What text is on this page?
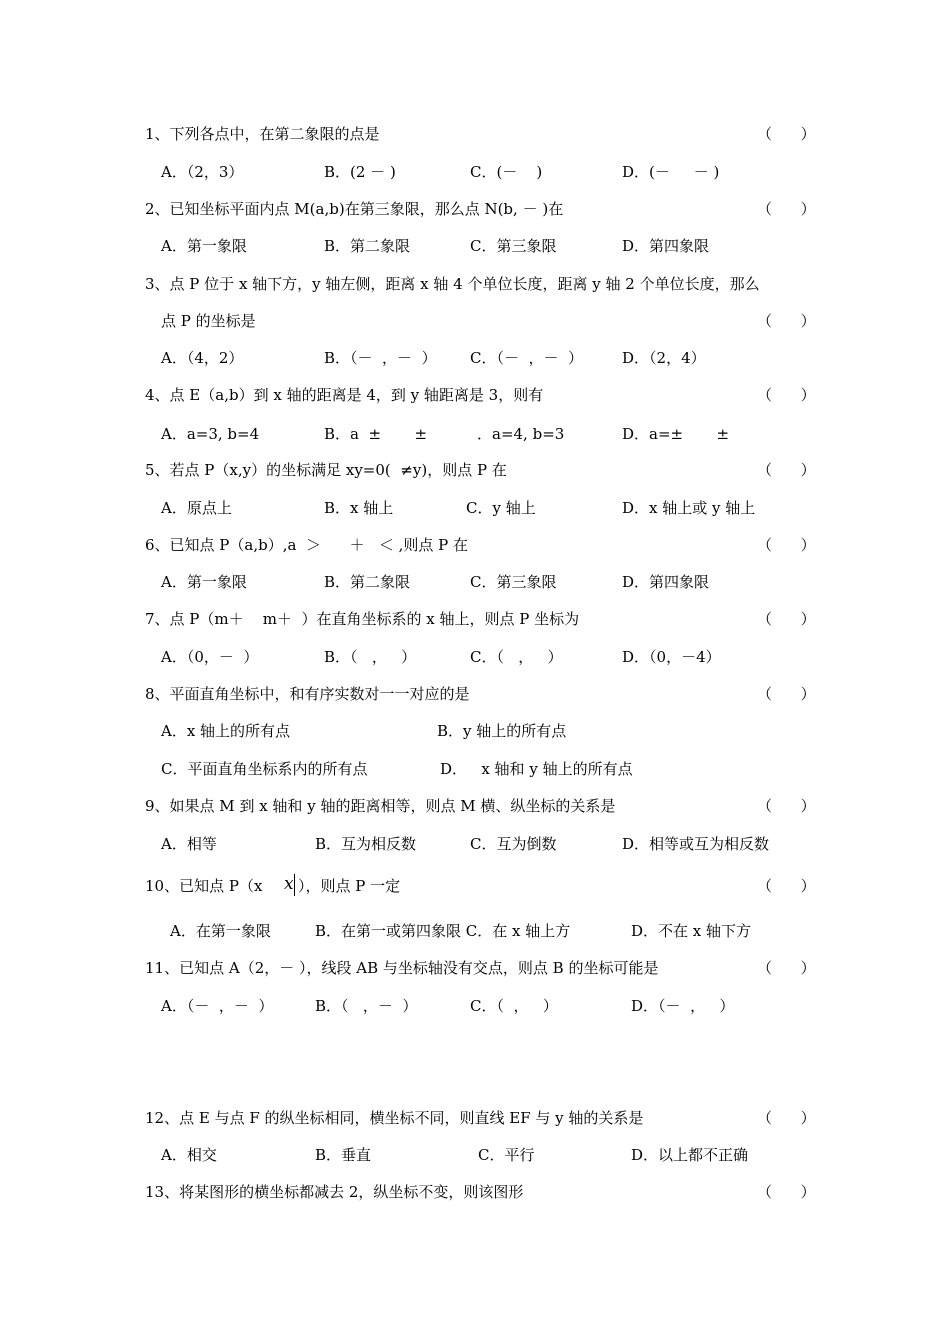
1、下列各点中，在第二象限的点是	（      ）
A．（2，3）	B．(2 － )	C．(－    )	D．(－     － )
2、已知坐标平面内点 M(a,b)在第三象限，那么点 N(b, － )在	（      ）
A．第一象限	B．第二象限	C．第三象限	D．第四象限
3、点 P 位于 x 轴下方，y 轴左侧，距离 x 轴 4 个单位长度，距离 y 轴 2 个单位长度，那么
点 P 的坐标是	（      ）
A．（4，2）	B．（－  ，－  ） C．（－  ，－  ）	D．（2，4）
4、点 E（a,b）到 x 轴的距离是 4，到 y 轴距离是 3，则有	（      ）
A．a=3, b=4	B．a  ±       ±	．a=4, b=3	D．a=±       ±
5、若点 P（x,y）的坐标满足 xy=0(  ≠y)，则点 P 在	（      ）
A．原点上	B．x 轴上	C．y 轴上	D．x 轴上或 y 轴上
6、已知点 P（a,b）,a  ＞      ＋   ＜ ,则点 P 在	（      ）
A．第一象限	B．第二象限	C．第三象限	D．第四象限
7、点 P（m＋    m＋  ）在直角坐标系的 x 轴上，则点 P 坐标为	（      ）
A．（0，－  ）	B．（   ，   ）	C．（   ，   ）	D．（0，－4）
8、平面直角坐标中，和有序实数对一一对应的是	（      ）
A．x 轴上的所有点	B．y 轴上的所有点
C．平面直角坐标系内的所有点	D．   x 轴和 y 轴上的所有点
9、如果点 M 到 x 轴和 y 轴的距离相等，则点 M 横、纵坐标的关系是	（      ）
A．相等	B．互为相反数	C．互为倒数	D．相等或互为相反数
10、已知点 P（x x ），则点 P 一定	（      ）
A．在第一象限	B．在第一或第四象限 C．在 x 轴上方	D．不在 x 轴下方
11、已知点 A（2，－ ），线段 AB 与坐标轴没有交点，则点 B 的坐标可能是	（      ）
A．（－  ，－  ）	B．（   ，－  ）	C．（  ，   ）	D．（－  ，   ）
12、点 E 与点 F 的纵坐标相同，横坐标不同，则直线 EF 与 y 轴的关系是	（      ）
A．相交	B．垂直	C．平行	D．以上都不正确
13、将某图形的横坐标都减去 2，纵坐标不变，则该图形	（      ）
